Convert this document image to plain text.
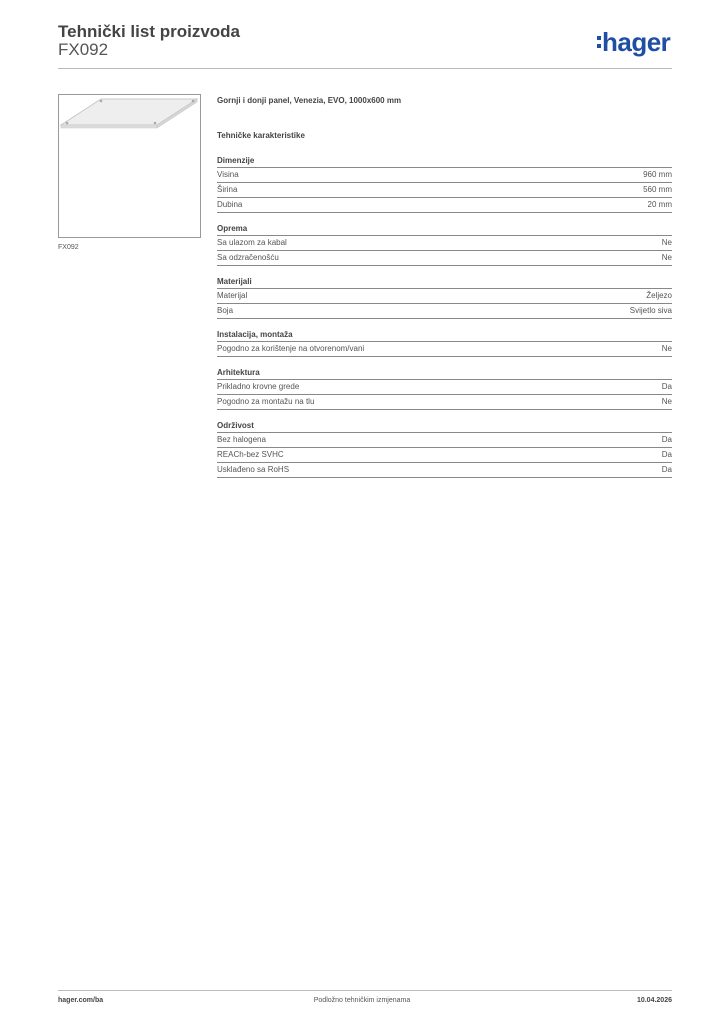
Tehnički list proizvoda
FX092	hager
FX092
Gornji i donji panel, Venezia, EVO, 1000x600 mm
Tehničke karakteristike
Dimenzije
Visina	960 mm
Širina	560 mm
Dubina	20 mm
Oprema
Sa ulazom za kabal	Ne
Sa odzračenošću	Ne
Materijali
Materijal	Željezo
Boja	Svijetlo siva
Instalacija, montaža
Pogodno za korištenje na otvorenom/vani	Ne
Arhitektura
Prikladno krovne grede	Da
Pogodno za montažu na tlu	Ne
Održivost
Bez halogena	Da
REACh-bez SVHC	Da
Usklađeno sa RoHS	Da
hager.com/ba	Podložno tehničkim izmjenama	10.04.2026
